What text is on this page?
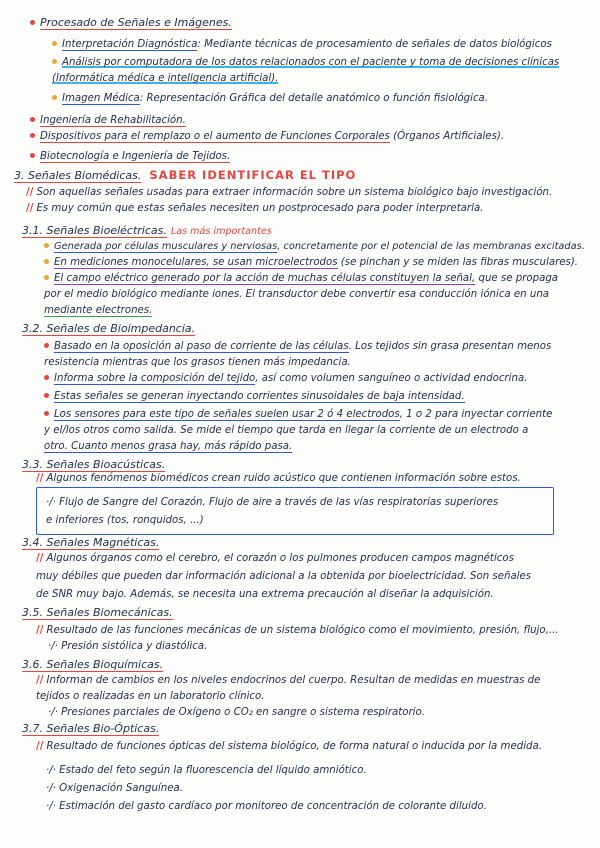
Procesado de Señales e Imágenes.
Interpretación Diagnóstica: Mediante técnicas de procesamiento de señales de datos biológicos
Análisis por computadora de los datos relacionados con el paciente y toma de decisiones clínicas
(Informática médica e inteligencia artificial).
Imagen Médica: Representación Gráfica del detalle anatómico o función fisiológica.
Ingeniería de Rehabilitación.
Dispositivos para el remplazo o el aumento de Funciones Corporales (Órganos Artificiales).
Biotecnología e Ingeniería de Tejidos.
3. Señales Biomédicas. SABER IDENTIFICAR EL TIPO
// Son aquellas señales usadas para extraer información sobre un sistema biológico bajo investigación.
// Es muy común que estas señales necesiten un postprocesado para poder interpretarla.
3.1. Señales Bioeléctricas. Las más importantes
Generada por células musculares y nerviosas, concretamente por el potencial de las membranas excitadas.
En mediciones monocelulares, se usan microelectrodos (se pinchan y se miden las fibras musculares).
El campo eléctrico generado por la acción de muchas células constituyen la señal, que se propaga
por el medio biológico mediante iones. El transductor debe convertir esa conducción iónica en una
mediante electrones.
3.2. Señales de Bioimpedancia.
Basado en la oposición al paso de corriente de las células. Los tejidos sin grasa presentan menos
resistencia mientras que los grasos tienen más impedancia.
Informa sobre la composición del tejido, así como volumen sanguíneo o actividad endocrina.
Estas señales se generan inyectando corrientes sinusoidales de baja intensidad.
Los sensores para este tipo de señales suelen usar 2 ó 4 electrodos, 1 o 2 para inyectar corriente
y el/los otros como salida. Se mide el tiempo que tarda en llegar la corriente de un electrodo a
otro. Cuanto menos grasa hay, más rápido pasa.
3.3. Señales Bioacústicas.
// Algunos fenómenos biomédicos crean ruido acústico que contienen información sobre estos.
·/· Flujo de Sangre del Corazón, Flujo de aire a través de las vías respiratorias superiores
e inferiores (tos, ronquidos, ...)
3.4. Señales Magnéticas.
// Algunos órganos como el cerebro, el corazón o los pulmones producen campos magnéticos
muy débiles que pueden dar información adicional a la obtenida por bioelectricidad. Son señales
de SNR muy bajo. Además, se necesita una extrema precaución al diseñar la adquisición.
3.5. Señales Biomecánicas.
// Resultado de las funciones mecánicas de un sistema biológico como el movimiento, presión, flujo,...
·/· Presión sistólica y diastólica.
3.6. Señales Bioquímicas.
// Informan de cambios en los niveles endocrinos del cuerpo. Resultan de medidas en muestras de
tejidos o realizadas en un laboratorio clínico.
·/· Presiones parciales de Oxígeno o CO₂ en sangre o sistema respiratorio.
3.7. Señales Bio-Ópticas.
// Resultado de funciones ópticas del sistema biológico, de forma natural o inducida por la medida.
·/· Estado del feto según la fluorescencia del líquido amniótico.
·/· Oxigenación Sanguínea.
·/· Estimación del gasto cardíaco por monitoreo de concentración de colorante diluido.
